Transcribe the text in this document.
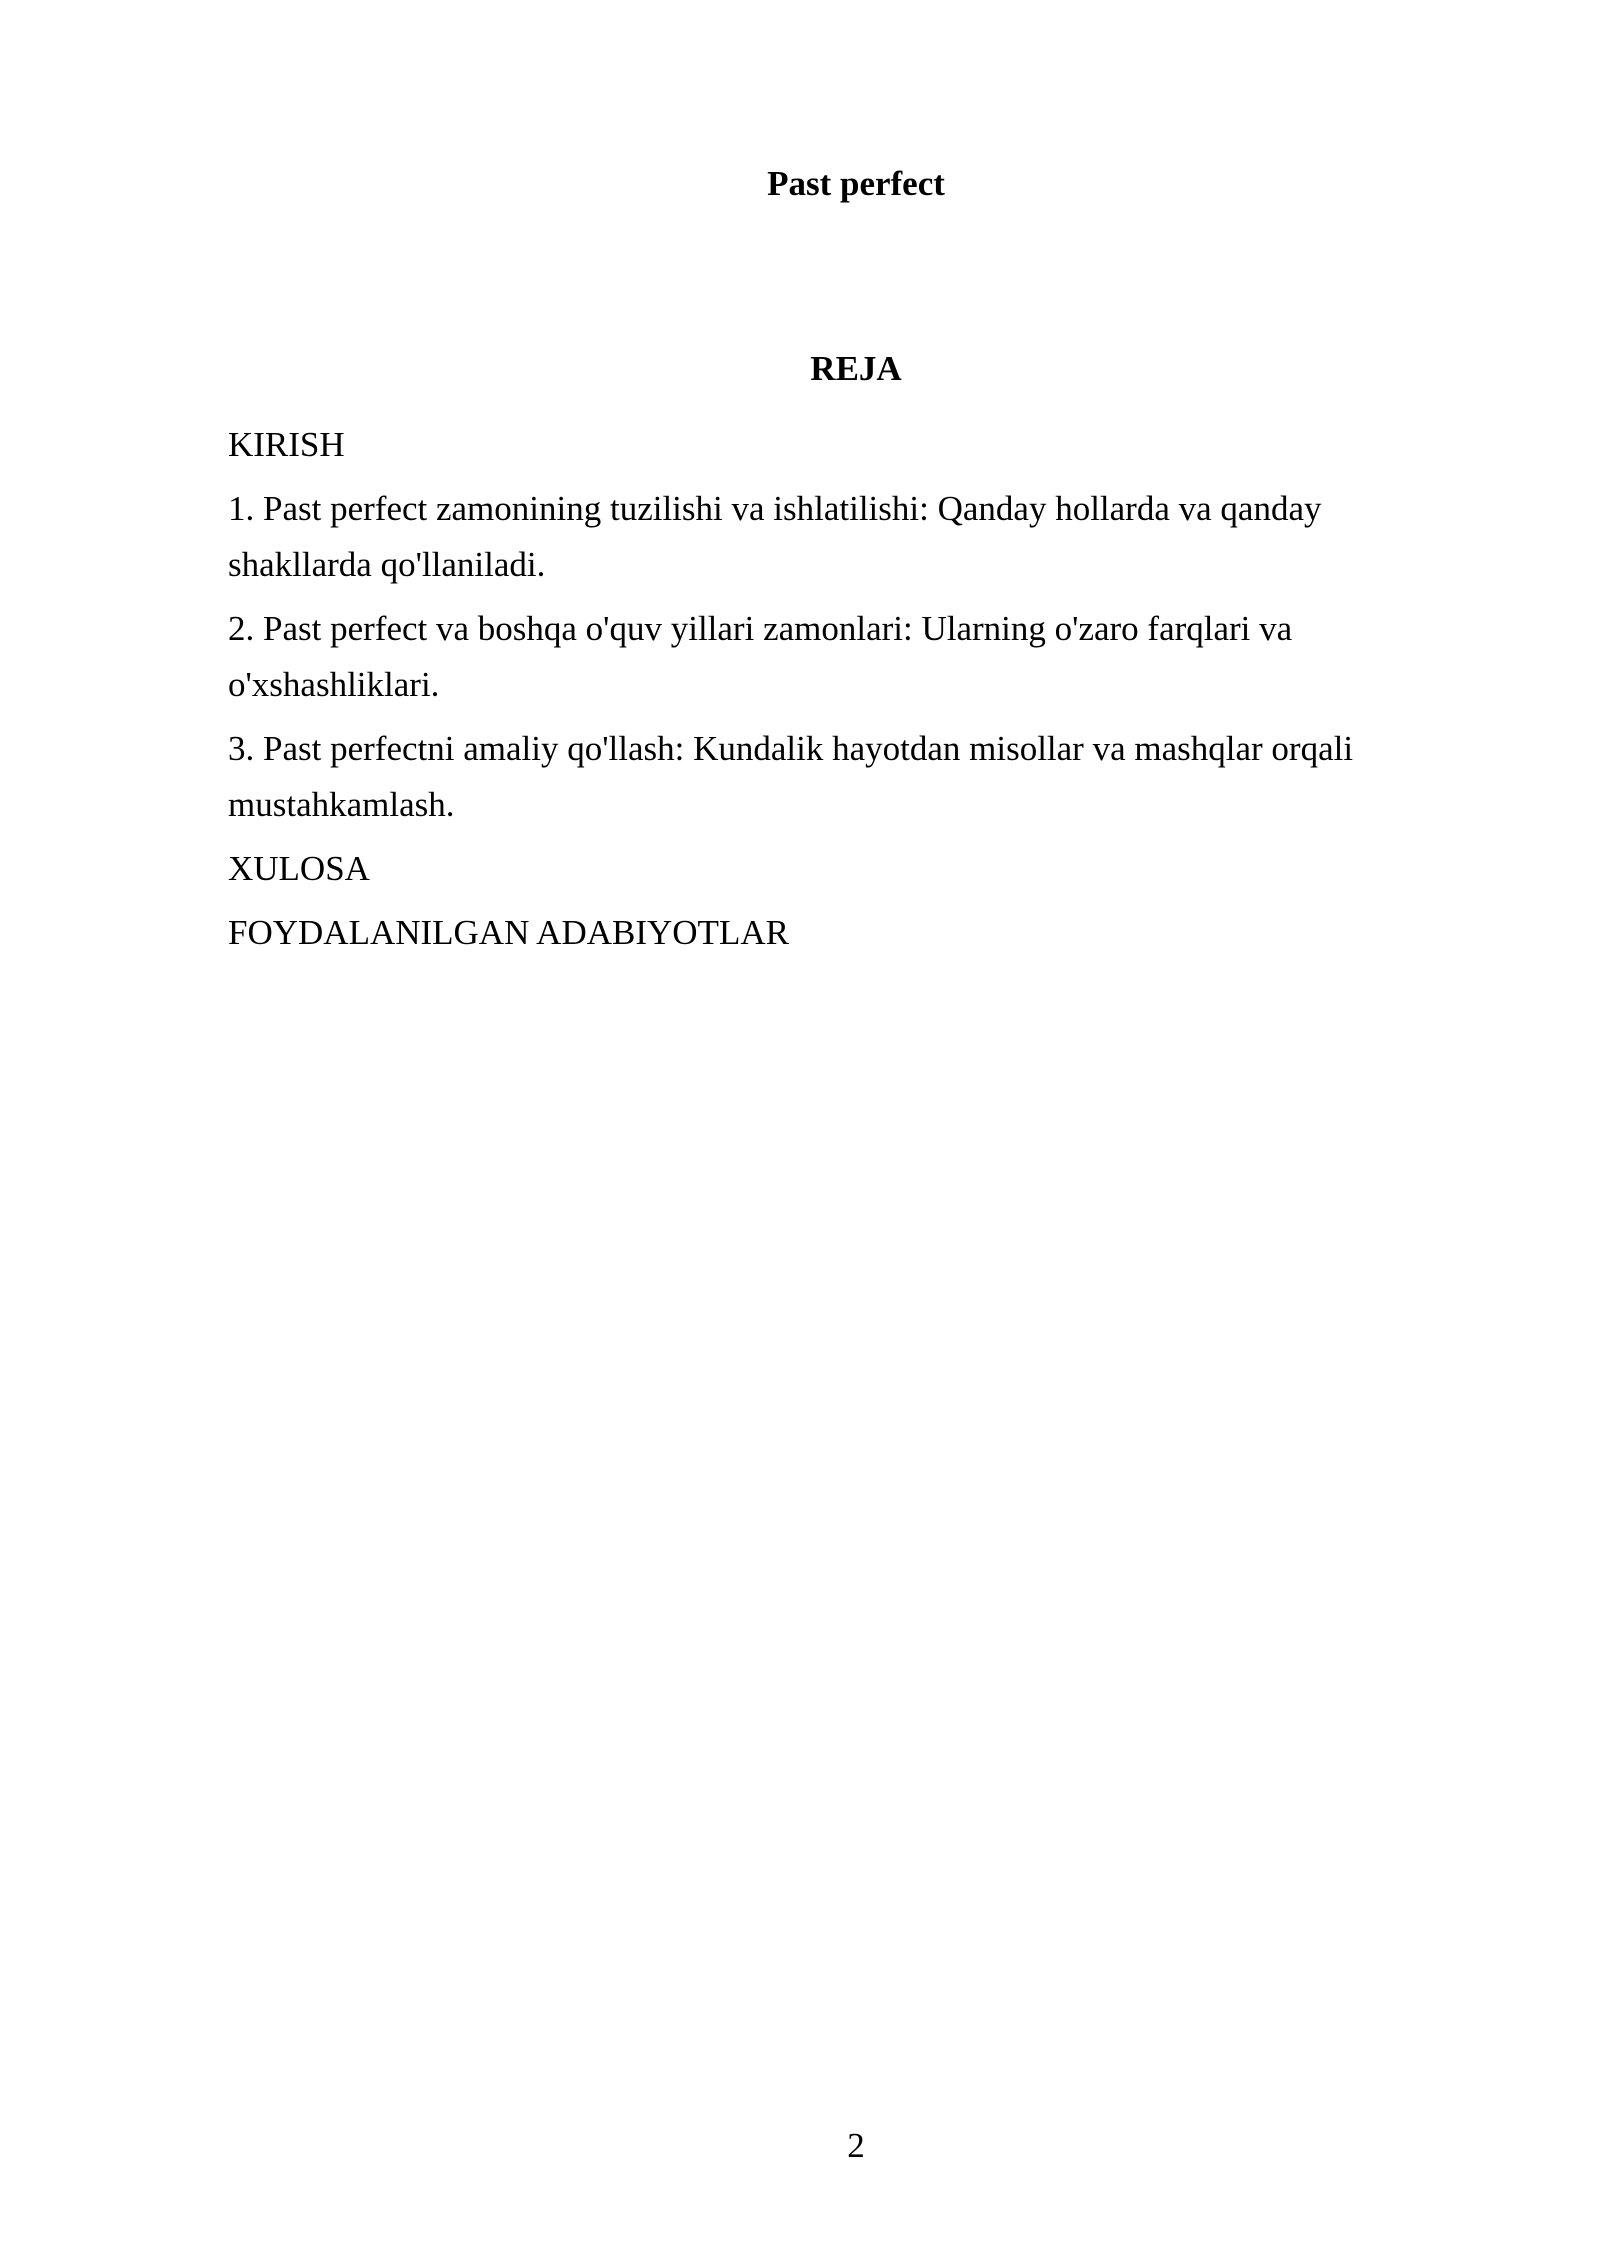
Past perfect
REJA

KIRISH

1. Past perfect zamonining tuzilishi va ishlatilishi: Qanday hollarda va qanday shakllarda qo'llaniladi.

2. Past perfect va boshqa o'quv yillari zamonlari: Ularning o'zaro farqlari va o'xshashliklari.

3. Past perfectni amaliy qo'llash: Kundalik hayotdan misollar va mashqlar orqali mustahkamlash.

XULOSA

FOYDALANILGAN ADABIYOTLAR

2
